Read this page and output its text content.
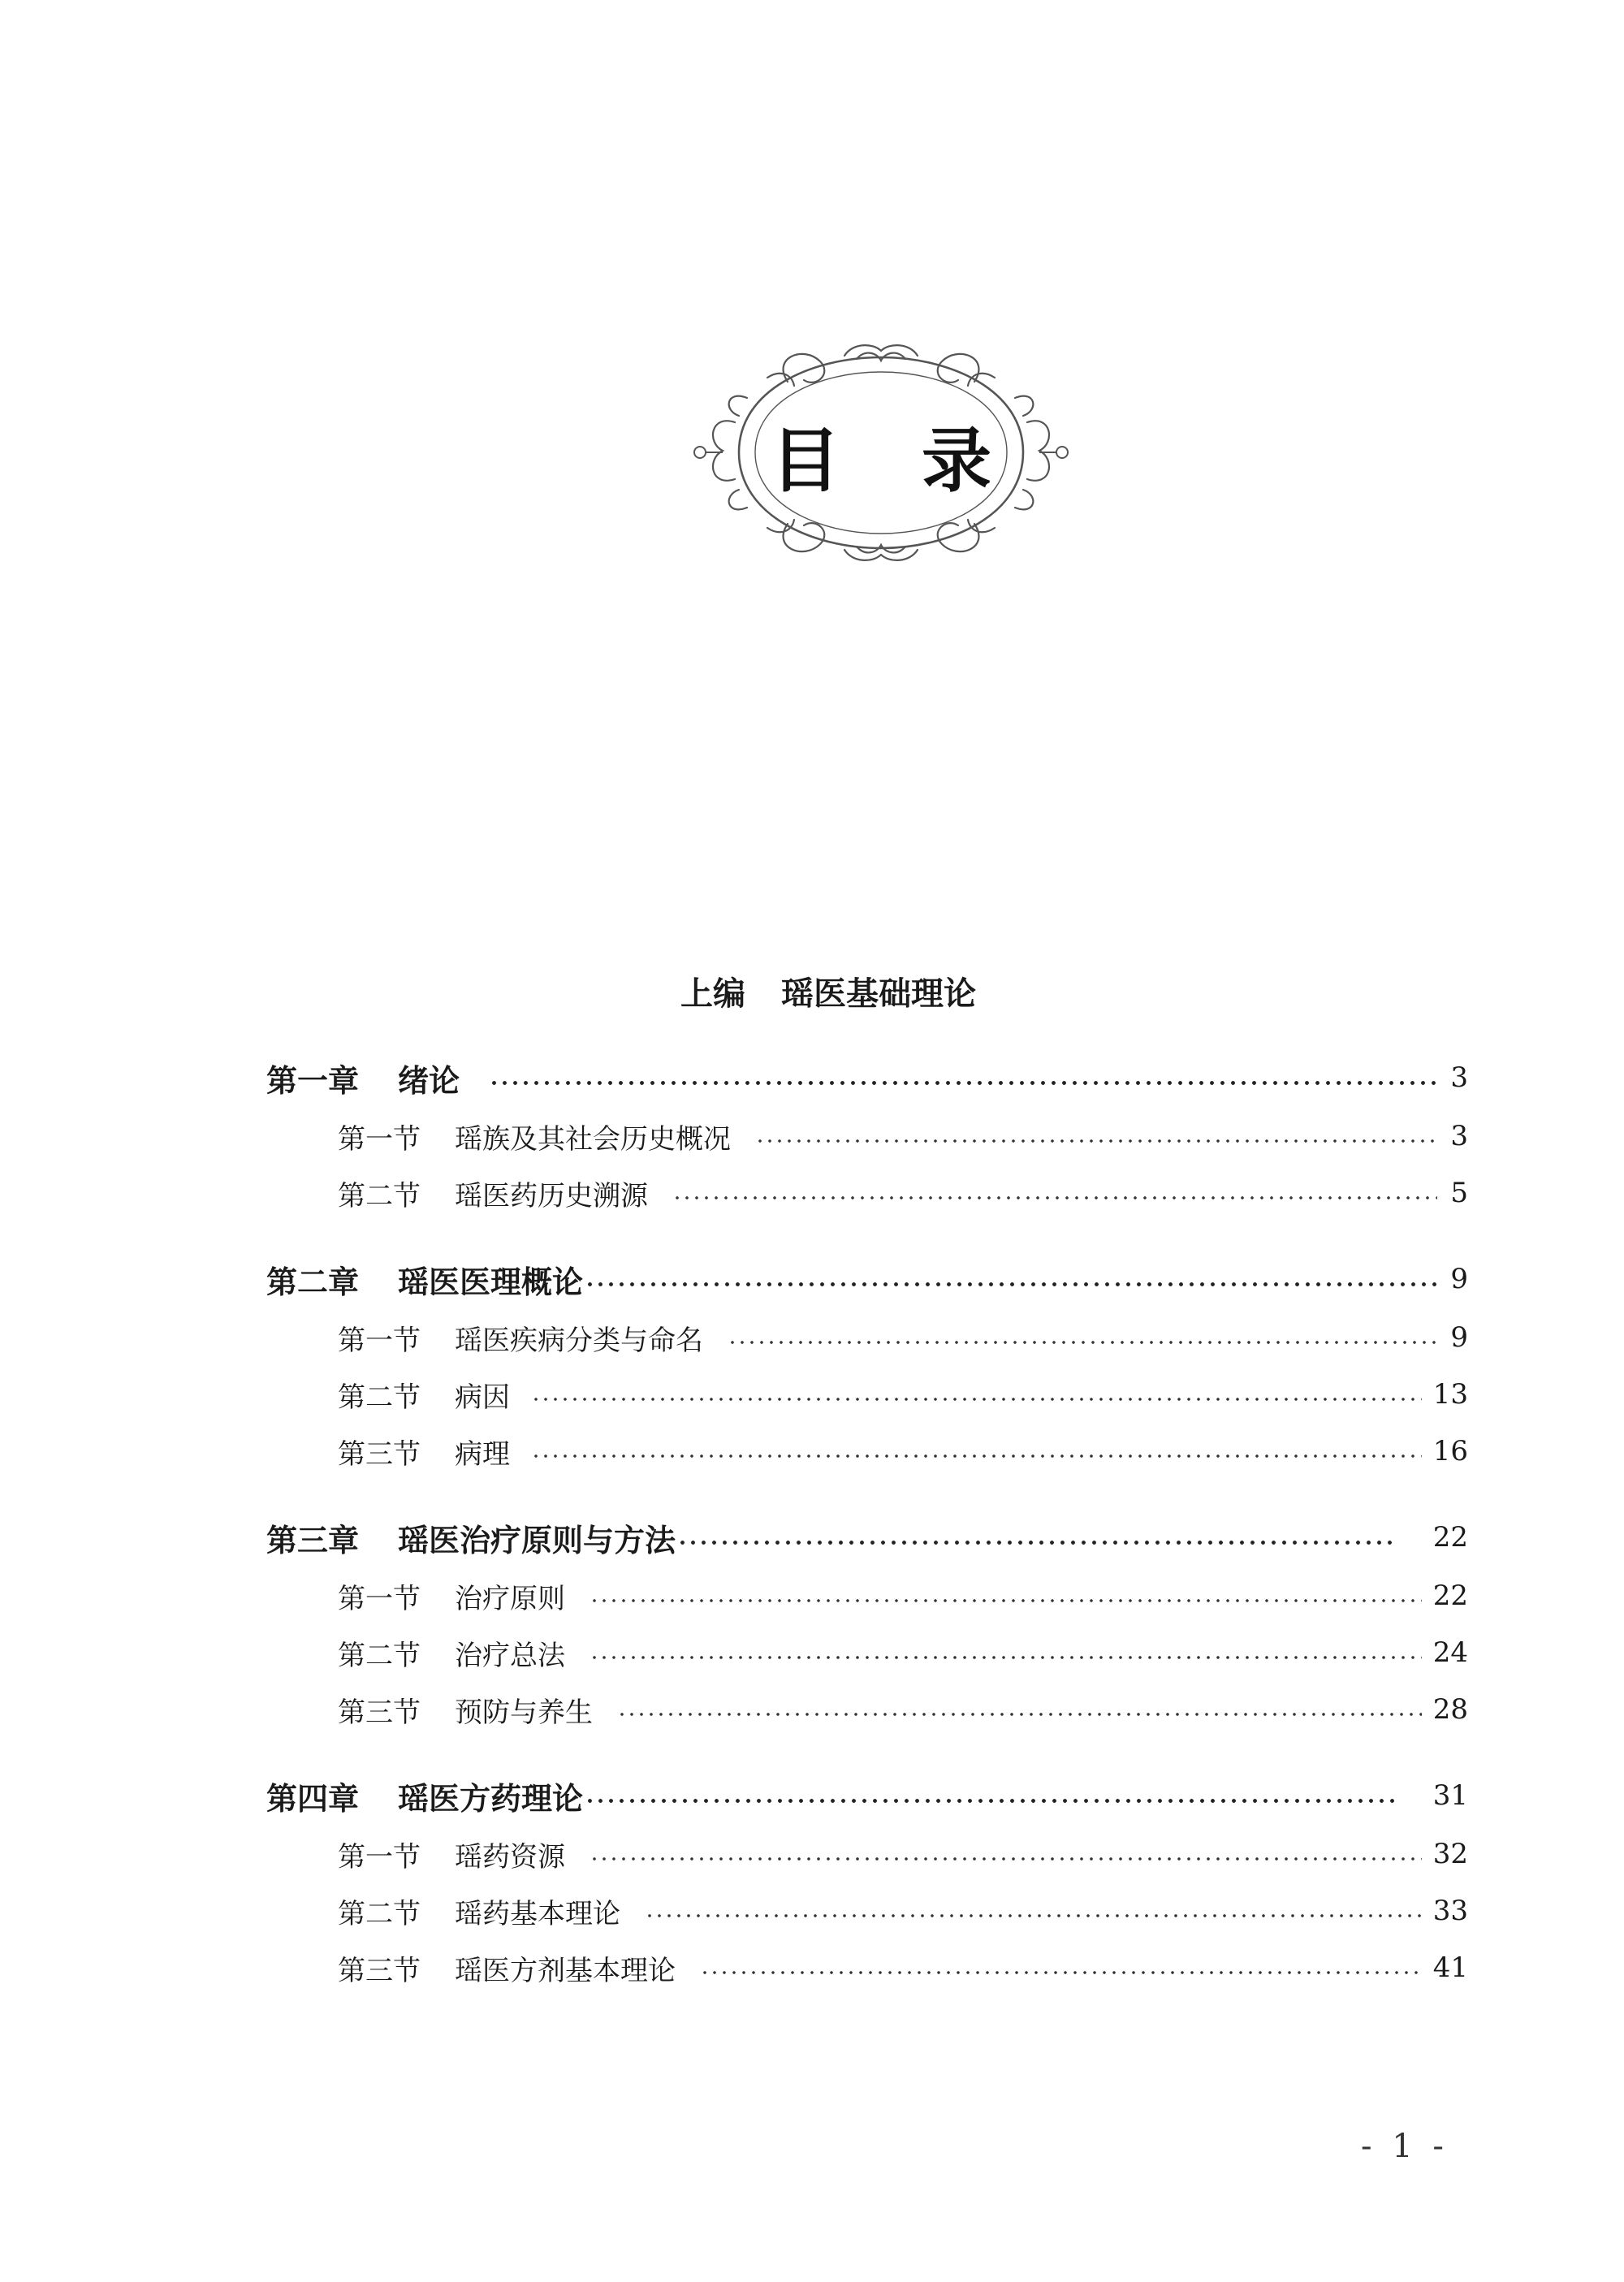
目 录
上编 瑶医基础理论
第一章 绪论	3
第一节 瑶族及其社会历史概况	3
第二节 瑶医药历史溯源	5
第二章 瑶医医理概论	9
第一节 瑶医疾病分类与命名	9
第二节 病因	13
第三节 病理	16
第三章 瑶医治疗原则与方法	22
第一节 治疗原则	22
第二节 治疗总法	24
第三节 预防与养生	28
第四章 瑶医方药理论	31
第一节 瑶药资源	32
第二节 瑶药基本理论	33
第三节 瑶医方剂基本理论	41
- 1 -
